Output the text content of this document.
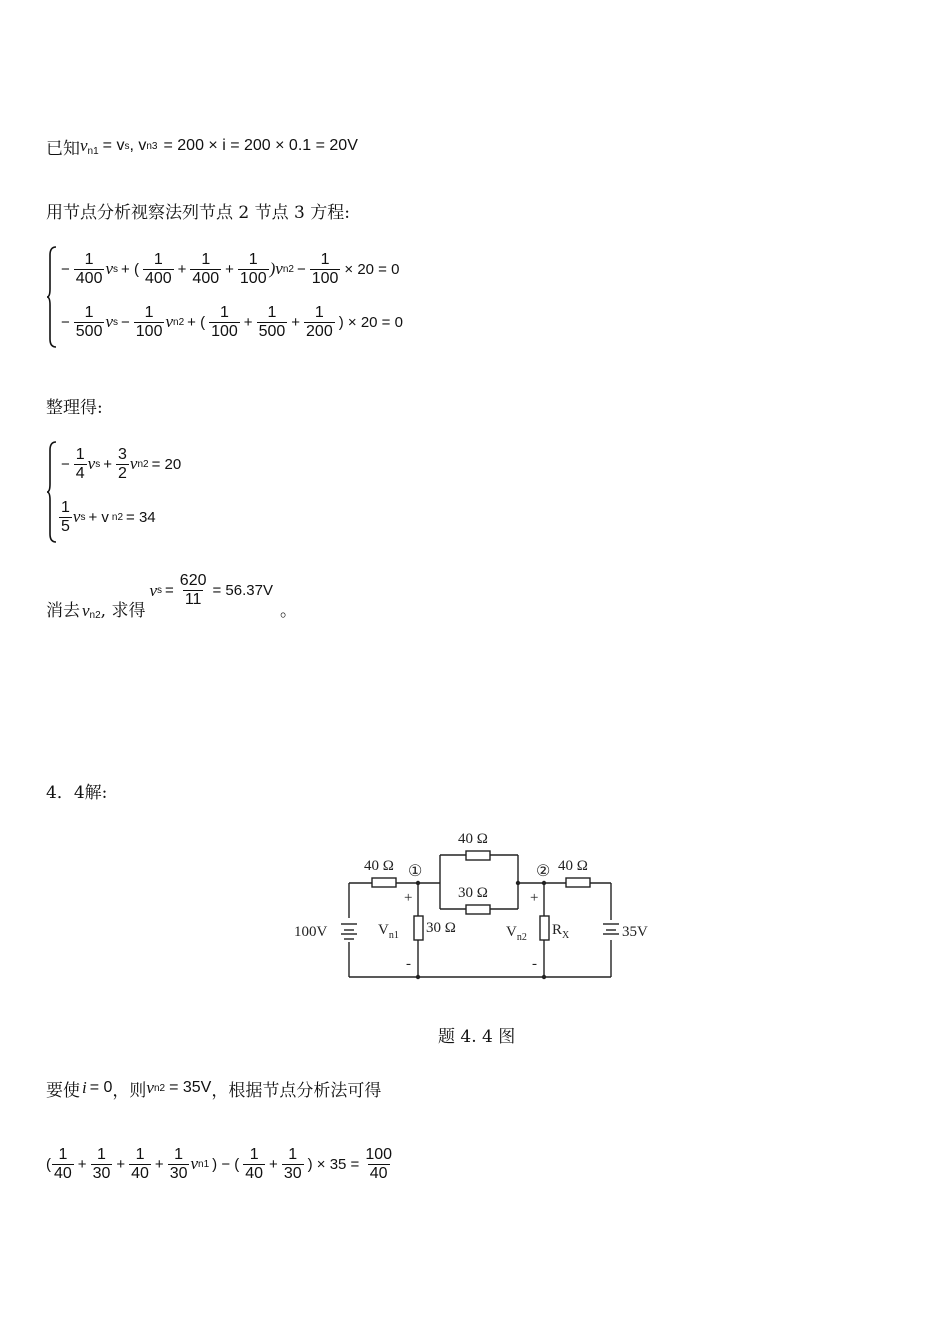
已知 $v_{n1} = v$ s , v n3 = 200 × i = 200 × 0.1 = 20V
用节点分析视察法列节点 2 节点 3 方程:
− $\frac{1}{400}$ v s + ( $\frac{1}{400} + \frac{1}{400} + \frac{1}{100} )v$ $n2 - \frac{1}{100} \times 20 = 0$
− $\frac{1}{500}$ v $s - \frac{1}{100}$ v n2 + ( $\frac{1}{100} + \frac{1}{500} + \frac{1}{200}$ ) × 20 = 0
整理得:
− $\frac{1}{4}$ v $s + \frac{3}{2}$ v n2 = 20
$\frac{1}{5}$ v s + v n2 = 34
消去 v n2 , 求得
v $s = \frac{620}{11} = 56.37V$
。
4．4解:
40 Ω
40 Ω
30 Ω
40 Ω
①	②
100V	35V
+
-
+
-
$V_{n1}$ 30 Ω	$V_{n2}$ $R_X$
题 4. 4 图
要使 i = 0 ，则 v n2 = 35V ，根据节点分析法可得
( $\frac{1}{40} + \frac{1}{30} + \frac{1}{40} + \frac{1}{30}$ v n1 ) − ( $\frac{1}{40} + \frac{1}{30}$ ) × $35 = \frac{100}{40}$
